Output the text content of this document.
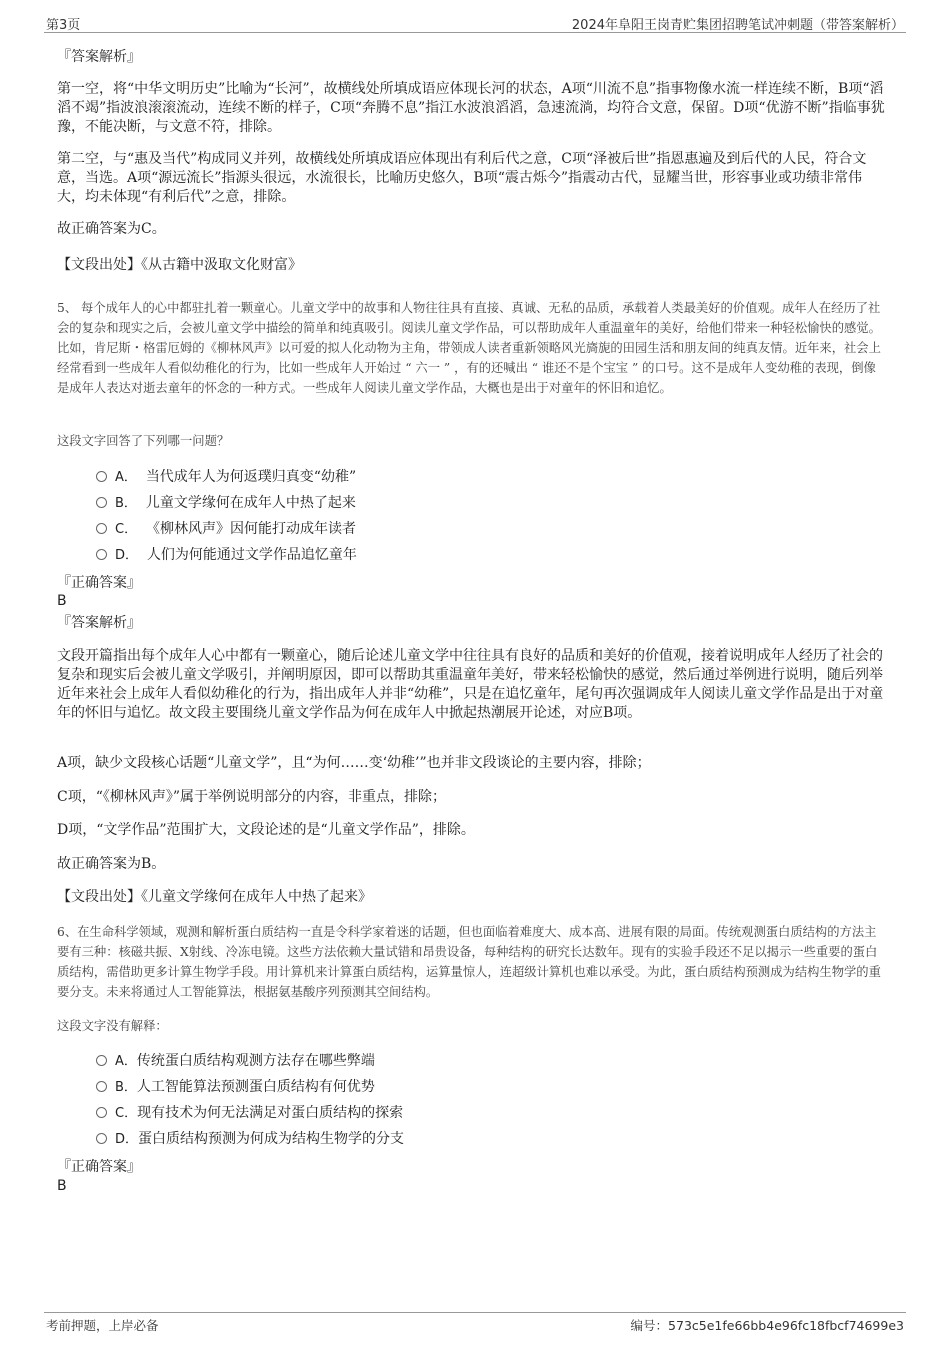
第3页	2024年阜阳王岗青贮集团招聘笔试冲刺题（带答案解析）
『答案解析』
第一空，将“中华文明历史”比喻为“长河”，故横线处所填成语应体现长河的状态，A项“川流不息”指事物像水流一样连续不断，B项“滔滔不竭”指波浪滚滚流动，连续不断的样子，C项“奔腾不息”指江水波浪滔滔，急速流淌，均符合文意，保留。D项“优游不断”指临事犹豫，不能决断，与文意不符，排除。
第二空，与“惠及当代”构成同义并列，故横线处所填成语应体现出有利后代之意，C项“泽被后世”指恩惠遍及到后代的人民，符合文意，当选。A项“源远流长”指源头很远，水流很长，比喻历史悠久，B项“震古烁今”指震动古代，显耀当世，形容事业或功绩非常伟大，均未体现“有利后代”之意，排除。
故正确答案为C。
【文段出处】《从古籍中汲取文化财富》
5、 每个成年人的心中都驻扎着一颗童心。儿童文学中的故事和人物往往具有直接、真诚、无私的品质，承载着人类最美好的价值观。成年人在经历了社会的复杂和现实之后，会被儿童文学中描绘的简单和纯真吸引。阅读儿童文学作品，可以帮助成年人重温童年的美好，给他们带来一种轻松愉快的感觉。比如，肯尼斯・格雷厄姆的《柳林风声》以可爱的拟人化动物为主角，带领成人读者重新领略风光旖旎的田园生活和朋友间的纯真友情。近年来，社会上经常看到一些成年人看似幼稚化的行为，比如一些成年人开始过 “ 六一 ” ，有的还喊出 “ 谁还不是个宝宝 ” 的口号。这不是成年人变幼稚的表现，倒像是成年人表达对逝去童年的怀念的一种方式。一些成年人阅读儿童文学作品，大概也是出于对童年的怀旧和追忆。
这段文字回答了下列哪一问题？
A． 当代成年人为何返璞归真变“幼稚”
B． 儿童文学缘何在成年人中热了起来
C． 《柳林风声》因何能打动成年读者
D． 人们为何能通过文学作品追忆童年
『正确答案』
B
『答案解析』
文段开篇指出每个成年人心中都有一颗童心，随后论述儿童文学中往往具有良好的品质和美好的价值观，接着说明成年人经历了社会的复杂和现实后会被儿童文学吸引，并阐明原因，即可以帮助其重温童年美好，带来轻松愉快的感觉，然后通过举例进行说明，随后列举近年来社会上成年人看似幼稚化的行为，指出成年人并非“幼稚”，只是在追忆童年，尾句再次强调成年人阅读儿童文学作品是出于对童年的怀旧与追忆。故文段主要围绕儿童文学作品为何在成年人中掀起热潮展开论述，对应B项。
A项，缺少文段核心话题“儿童文学”，且“为何……变‘幼稚’”也并非文段谈论的主要内容，排除；
C项，“《柳林风声》”属于举例说明部分的内容，非重点，排除；
D项，“文学作品”范围扩大，文段论述的是“儿童文学作品”，排除。
故正确答案为B。
【文段出处】《儿童文学缘何在成年人中热了起来》
6、在生命科学领域，观测和解析蛋白质结构一直是令科学家着迷的话题，但也面临着难度大、成本高、进展有限的局面。传统观测蛋白质结构的方法主要有三种：核磁共振、X射线、冷冻电镜。这些方法依赖大量试错和昂贵设备，每种结构的研究长达数年。现有的实验手段还不足以揭示一些重要的蛋白质结构，需借助更多计算生物学手段。用计算机来计算蛋白质结构，运算量惊人，连超级计算机也难以承受。为此，蛋白质结构预测成为结构生物学的重要分支。未来将通过人工智能算法，根据氨基酸序列预测其空间结构。
这段文字没有解释：
A．传统蛋白质结构观测方法存在哪些弊端
B．人工智能算法预测蛋白质结构有何优势
C．现有技术为何无法满足对蛋白质结构的探索
D．蛋白质结构预测为何成为结构生物学的分支
『正确答案』
B
考前押题，上岸必备	编号：573c5e1fe66bb4e96fc18fbcf74699e3
